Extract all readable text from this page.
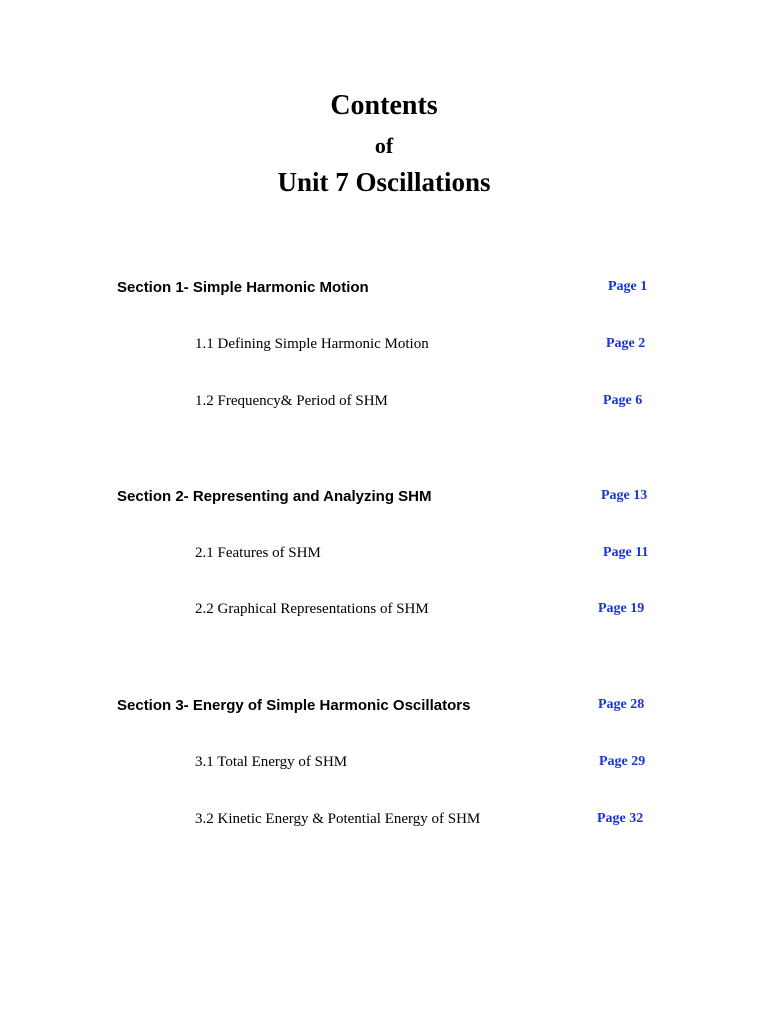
Contents
of
Unit 7 Oscillations
Section 1- Simple Harmonic Motion	Page 1
1.1 Defining Simple Harmonic Motion	Page 2
1.2 Frequency& Period of SHM	Page 6
Section 2- Representing and Analyzing SHM	Page 13
2.1 Features of SHM	Page 11
2.2 Graphical Representations of SHM	Page 19
Section 3- Energy of Simple Harmonic Oscillators	Page 28
3.1 Total Energy of SHM	Page 29
3.2 Kinetic Energy & Potential Energy of SHM	Page 32
